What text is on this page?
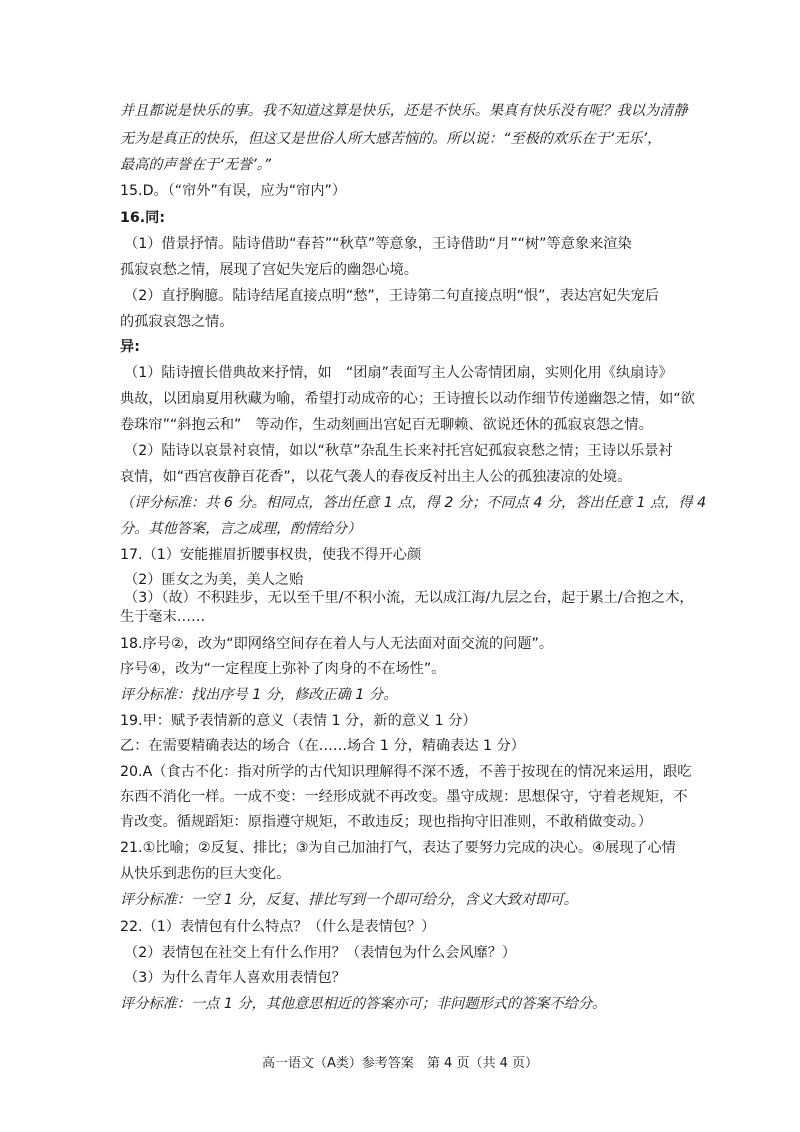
并且都说是快乐的事。我不知道这算是快乐，还是不快乐。果真有快乐没有呢？我以为清静
无为是真正的快乐，但这又是世俗人所大感苦恼的。所以说：“至极的欢乐在于‘无乐’，
最高的声誉在于‘无誉’。”
15.D。（“帘外”有误，应为“帘内”）
16.同:
（1）借景抒情。陆诗借助“春苔”“秋草”等意象，王诗借助“月”“树”等意象来渲染
孤寂哀愁之情，展现了宫妃失宠后的幽怨心境。
（2）直抒胸臆。陆诗结尾直接点明“愁”，王诗第二句直接点明“恨”，表达宫妃失宠后
的孤寂哀怨之情。
异:
（1）陆诗擅长借典故来抒情，如　“团扇”表面写主人公寄情团扇，实则化用《纨扇诗》
典故，以团扇夏用秋藏为喻，希望打动成帝的心；王诗擅长以动作细节传递幽怨之情，如“欲
卷珠帘”“斜抱云和”　等动作，生动刻画出宫妃百无聊赖、欲说还休的孤寂哀怨之情。
（2）陆诗以哀景衬哀情，如以“秋草”杂乱生长来衬托宫妃孤寂哀愁之情；王诗以乐景衬
哀情，如“西宫夜静百花香”，以花气袭人的春夜反衬出主人公的孤独凄凉的处境。
（评分标准：共 6 分。相同点，答出任意 1 点，得 2 分；不同点 4 分，答出任意 1 点，得 4
分。其他答案，言之成理，酌情给分）
17.（1）安能摧眉折腰事权贵，使我不得开心颜
（2）匪女之为美，美人之贻
（3）（故）不积跬步，无以至千里/不积小流，无以成江海/九层之台，起于累土/合抱之木，
生于毫末……
18.序号②，改为“即网络空间存在着人与人无法面对面交流的问题”。
序号④，改为“一定程度上弥补了肉身的不在场性”。
评分标准：找出序号 1 分，修改正确 1 分。
19.甲：赋予表情新的意义（表情 1 分，新的意义 1 分）
乙：在需要精确表达的场合（在……场合 1 分，精确表达 1 分）
20.A（食古不化：指对所学的古代知识理解得不深不透，不善于按现在的情况来运用，跟吃
东西不消化一样。一成不变：一经形成就不再改变。墨守成规：思想保守，守着老规矩，不
肯改变。循规蹈矩：原指遵守规矩，不敢违反；现也指拘守旧准则，不敢稍做变动。）
21.①比喻；②反复、排比；③为自己加油打气，表达了要努力完成的决心。④展现了心情
从快乐到悲伤的巨大变化。
评分标准：一空 1 分，反复、排比写到一个即可给分，含义大致对即可。
22.（1）表情包有什么特点？（什么是表情包？）
（2）表情包在社交上有什么作用？（表情包为什么会风靡？）
（3）为什么青年人喜欢用表情包？
评分标准：一点 1 分，其他意思相近的答案亦可；非问题形式的答案不给分。
高一语文（A类）参考答案　第 4 页（共 4 页）
